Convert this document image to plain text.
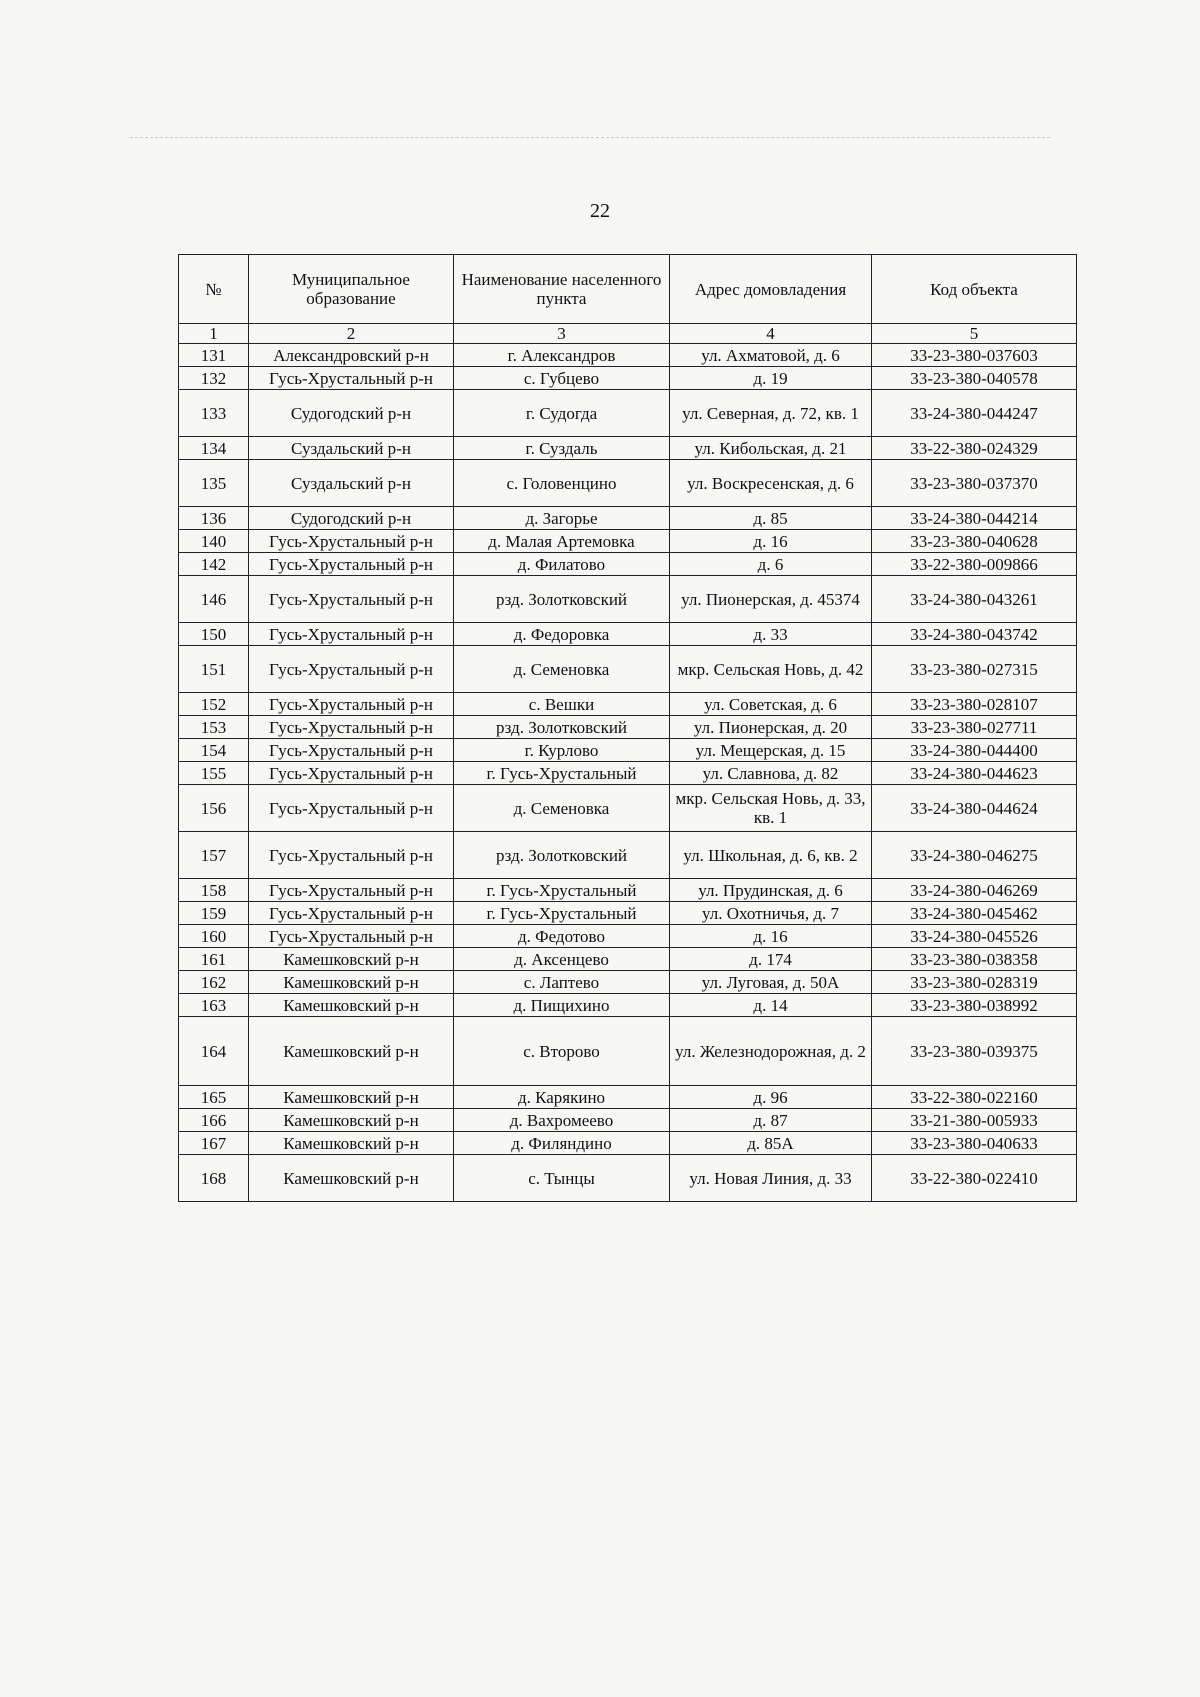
22
№	Муниципальное образование	Наименование населенного пункта	Адрес домовладения	Код объекта
1	2	3	4	5
131	Александровский р-н	г. Александров	ул. Ахматовой, д. 6	33-23-380-037603
132	Гусь-Хрустальный р-н	с. Губцево	д. 19	33-23-380-040578
133	Судогодский р-н	г. Судогда	ул. Северная, д. 72, кв. 1	33-24-380-044247
134	Суздальский р-н	г. Суздаль	ул. Кибольская, д. 21	33-22-380-024329
135	Суздальский р-н	с. Головенцино	ул. Воскресенская, д. 6	33-23-380-037370
136	Судогодский р-н	д. Загорье	д. 85	33-24-380-044214
140	Гусь-Хрустальный р-н	д. Малая Артемовка	д. 16	33-23-380-040628
142	Гусь-Хрустальный р-н	д. Филатово	д. 6	33-22-380-009866
146	Гусь-Хрустальный р-н	рзд. Золотковский	ул. Пионерская, д. 45374	33-24-380-043261
150	Гусь-Хрустальный р-н	д. Федоровка	д. 33	33-24-380-043742
151	Гусь-Хрустальный р-н	д. Семеновка	мкр. Сельская Новь, д. 42	33-23-380-027315
152	Гусь-Хрустальный р-н	с. Вешки	ул. Советская, д. 6	33-23-380-028107
153	Гусь-Хрустальный р-н	рзд. Золотковский	ул. Пионерская, д. 20	33-23-380-027711
154	Гусь-Хрустальный р-н	г. Курлово	ул. Мещерская, д. 15	33-24-380-044400
155	Гусь-Хрустальный р-н	г. Гусь-Хрустальный	ул. Славнова, д. 82	33-24-380-044623
156	Гусь-Хрустальный р-н	д. Семеновка	мкр. Сельская Новь, д. 33, кв. 1	33-24-380-044624
157	Гусь-Хрустальный р-н	рзд. Золотковский	ул. Школьная, д. 6, кв. 2	33-24-380-046275
158	Гусь-Хрустальный р-н	г. Гусь-Хрустальный	ул. Прудинская, д. 6	33-24-380-046269
159	Гусь-Хрустальный р-н	г. Гусь-Хрустальный	ул. Охотничья, д. 7	33-24-380-045462
160	Гусь-Хрустальный р-н	д. Федотово	д. 16	33-24-380-045526
161	Камешковский р-н	д. Аксенцево	д. 174	33-23-380-038358
162	Камешковский р-н	с. Лаптево	ул. Луговая, д. 50А	33-23-380-028319
163	Камешковский р-н	д. Пищихино	д. 14	33-23-380-038992
164	Камешковский р-н	с. Второво	ул. Железнодорожная, д. 2	33-23-380-039375
165	Камешковский р-н	д. Карякино	д. 96	33-22-380-022160
166	Камешковский р-н	д. Вахромеево	д. 87	33-21-380-005933
167	Камешковский р-н	д. Филяндино	д. 85А	33-23-380-040633
168	Камешковский р-н	с. Тынцы	ул. Новая Линия, д. 33	33-22-380-022410
